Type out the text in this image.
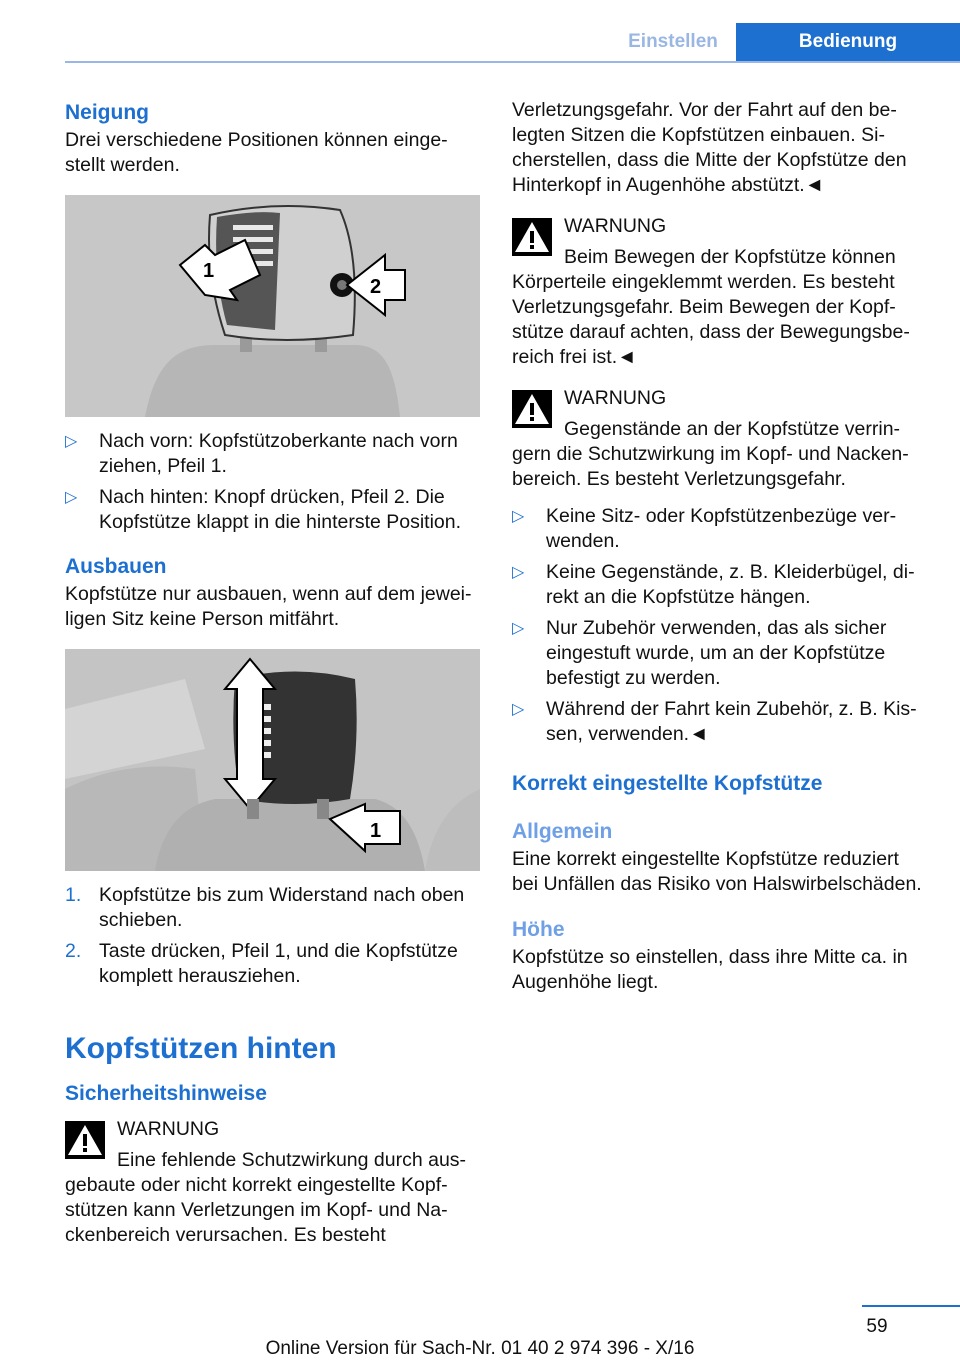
Einstellen	Bedienung
Neigung

Drei verschiedene Positionen können eingestellt werden.

1
2
▷ Nach vorn: Kopfstützoberkante nach vorn ziehen, Pfeil 1.
▷ Nach hinten: Knopf drücken, Pfeil 2. Die Kopfstütze klappt in die hinterste Position.
Ausbauen

Kopfstütze nur ausbauen, wenn auf dem jeweiligen Sitz keine Person mitfährt.

1
1. Kopfstütze bis zum Widerstand nach oben schieben.
2. Taste drücken, Pfeil 1, und die Kopfstütze komplett herausziehen.
Kopfstützen hinten
Sicherheitshinweise

WARNUNG

Eine fehlende Schutzwirkung durch ausgebaute oder nicht korrekt eingestellte Kopfstützen kann Verletzungen im Kopf- und Nackenbereich verursachen. Es besteht

Verletzungsgefahr. Vor der Fahrt auf den belegten Sitzen die Kopfstützen einbauen. Sicherstellen, dass die Mitte der Kopfstütze den Hinterkopf in Augenhöhe abstützt.◄

WARNUNG

Beim Bewegen der Kopfstütze können Körperteile eingeklemmt werden. Es besteht Verletzungsgefahr. Beim Bewegen der Kopfstütze darauf achten, dass der Bewegungsbereich frei ist.◄

WARNUNG

Gegenstände an der Kopfstütze verringern die Schutzwirkung im Kopf- und Nackenbereich. Es besteht Verletzungsgefahr.

▷ Keine Sitz- oder Kopfstützenbezüge verwenden.
▷ Keine Gegenstände, z. B. Kleiderbügel, direkt an die Kopfstütze hängen.
▷ Nur Zubehör verwenden, das als sicher eingestuft wurde, um an der Kopfstütze befestigt zu werden.
▷ Während der Fahrt kein Zubehör, z. B. Kissen, verwenden.◄
Korrekt eingestellte Kopfstütze
Allgemein

Eine korrekt eingestellte Kopfstütze reduziert bei Unfällen das Risiko von Halswirbelschäden.

Höhe

Kopfstütze so einstellen, dass ihre Mitte ca. in Augenhöhe liegt.

59
Online Version für Sach-Nr. 01 40 2 974 396 - X/16
